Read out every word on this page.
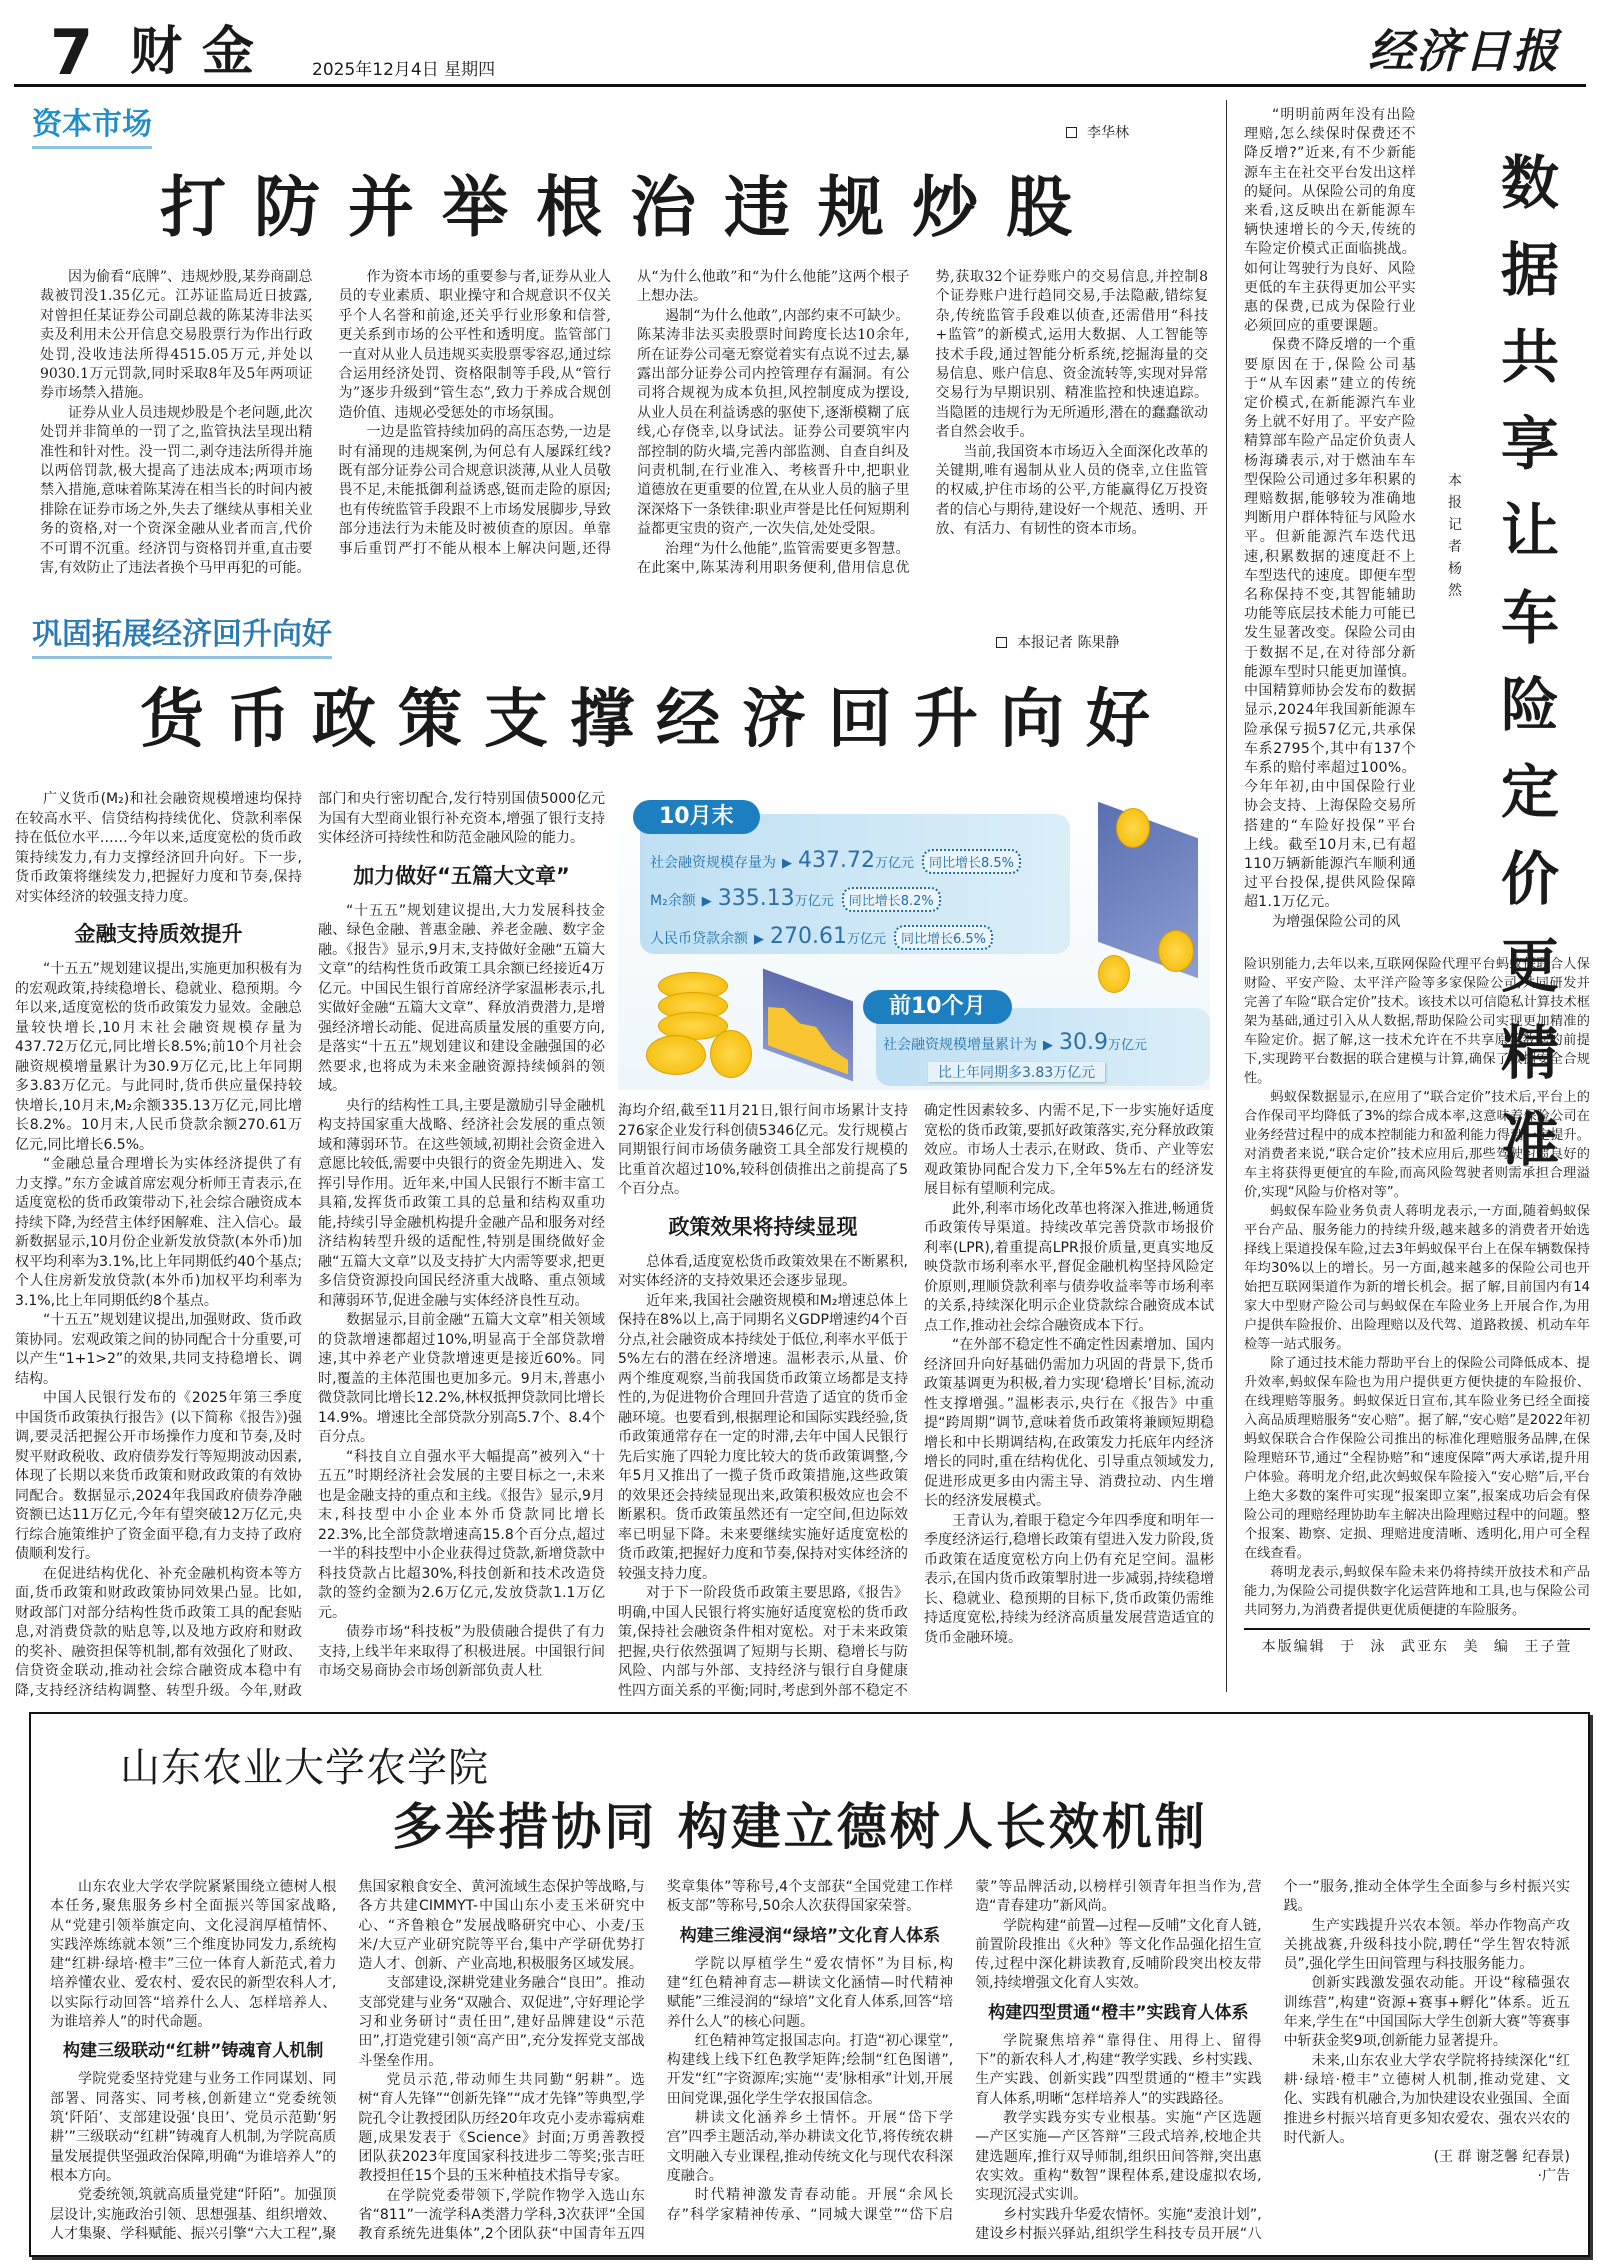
7 财金 2025年12月4日 星期四	经济日报
资本市场	李华林
打防并举根治违规炒股

因为偷看“底牌”、违规炒股,某券商副总裁被罚没1.35亿元。江苏证监局近日披露,对曾担任某证券公司副总裁的陈某涛非法买卖及利用未公开信息交易股票行为作出行政处罚,没收违法所得4515.05万元,并处以9030.1万元罚款,同时采取8年及5年两项证券市场禁入措施。

证券从业人员违规炒股是个老问题,此次处罚并非简单的一罚了之,监管执法呈现出精准性和针对性。没一罚二,剥夺违法所得并施以两倍罚款,极大提高了违法成本;两项市场禁入措施,意味着陈某涛在相当长的时间内被排除在证券市场之外,失去了继续从事相关业务的资格,对一个资深金融从业者而言,代价不可谓不沉重。经济罚与资格罚并重,直击要害,有效防止了违法者换个马甲再犯的可能。

作为资本市场的重要参与者,证券从业人员的专业素质、职业操守和合规意识不仅关乎个人名誉和前途,还关乎行业形象和信誉,更关系到市场的公平性和透明度。监管部门一直对从业人员违规买卖股票零容忍,通过综合运用经济处罚、资格限制等手段,从“管行为”逐步升级到“管生态”,致力于养成合规创造价值、违规必受惩处的市场氛围。

一边是监管持续加码的高压态势,一边是时有涌现的违规案例,为何总有人屡踩红线?既有部分证券公司合规意识淡薄,从业人员敬畏不足,未能抵御利益诱惑,铤而走险的原因;也有传统监管手段跟不上市场发展脚步,导致部分违法行为未能及时被侦查的原因。单靠事后重罚严打不能从根本上解决问题,还得从“为什么他敢”和“为什么他能”这两个根子上想办法。

遏制“为什么他敢”,内部约束不可缺少。陈某涛非法买卖股票时间跨度长达10余年,所在证券公司毫无察觉着实有点说不过去,暴露出部分证券公司内控管理存有漏洞。有公司将合规视为成本负担,风控制度成为摆设,从业人员在利益诱惑的驱使下,逐渐模糊了底线,心存侥幸,以身试法。证券公司要筑牢内部控制的防火墙,完善内部监测、自查自纠及问责机制,在行业准入、考核晋升中,把职业道德放在更重要的位置,在从业人员的脑子里深深烙下一条铁律:职业声誉是比任何短期利益都更宝贵的资产,一次失信,处处受限。

治理“为什么他能”,监管需要更多智慧。在此案中,陈某涛利用职务便利,借用信息优势,获取32个证券账户的交易信息,并控制8个证券账户进行趋同交易,手法隐蔽,错综复杂,传统监管手段难以侦查,还需借用“科技+监管”的新模式,运用大数据、人工智能等技术手段,通过智能分析系统,挖掘海量的交易信息、账户信息、资金流转等,实现对异常交易行为早期识别、精准监控和快速追踪。当隐匿的违规行为无所遁形,潜在的蠢蠢欲动者自然会收手。

当前,我国资本市场迈入全面深化改革的关键期,唯有遏制从业人员的侥幸,立住监管的权威,护住市场的公平,方能赢得亿万投资者的信心与期待,建设好一个规范、透明、开放、有活力、有韧性的资本市场。

“明明前两年没有出险理赔,怎么续保时保费还不降反增?”近来,有不少新能源车主在社交平台发出这样的疑问。从保险公司的角度来看,这反映出在新能源车辆快速增长的今天,传统的车险定价模式正面临挑战。如何让驾驶行为良好、风险更低的车主获得更加公平实惠的保费,已成为保险行业必须回应的重要课题。

保费不降反增的一个重要原因在于,保险公司基于“从车因素”建立的传统定价模式,在新能源汽车业务上就不好用了。平安产险精算部车险产品定价负责人杨海璘表示,对于燃油车车型保险公司通过多年积累的理赔数据,能够较为准确地判断用户群体特征与风险水平。但新能源汽车迭代迅速,积累数据的速度赶不上车型迭代的速度。即便车型名称保持不变,其智能辅助功能等底层技术能力可能已发生显著改变。保险公司由于数据不足,在对待部分新能源车型时只能更加谨慎。中国精算师协会发布的数据显示,2024年我国新能源车险承保亏损57亿元,共承保车系2795个,其中有137个车系的赔付率超过100%。今年年初,由中国保险行业协会支持、上海保险交易所搭建的“车险好投保”平台上线。截至10月末,已有超110万辆新能源汽车顺利通过平台投保,提供风险保障超1.1万亿元。

为增强保险公司的风

本报记者 杨 然
数据共享让车险定价更精准

险识别能力,去年以来,互联网保险代理平台蚂蚁保联合人保财险、平安产险、太平洋产险等多家保险公司,共同研发并完善了车险“联合定价”技术。该技术以可信隐私计算技术框架为基础,通过引入从人数据,帮助保险公司实现更加精准的车险定价。据了解,这一技术允许在不共享原始数据的前提下,实现跨平台数据的联合建模与计算,确保了数据安全合规性。

蚂蚁保数据显示,在应用了“联合定价”技术后,平台上的合作保司平均降低了3%的综合成本率,这意味着保险公司在业务经营过程中的成本控制能力和盈利能力得到一定提升。对消费者来说,“联合定价”技术应用后,那些驾驶习惯良好的车主将获得更便宜的车险,而高风险驾驶者则需承担合理溢价,实现“风险与价格对等”。

蚂蚁保车险业务负责人蒋明龙表示,一方面,随着蚂蚁保平台产品、服务能力的持续升级,越来越多的消费者开始选择线上渠道投保车险,过去3年蚂蚁保平台上在保车辆数保持年均30%以上的增长。另一方面,越来越多的保险公司也开始把互联网渠道作为新的增长机会。据了解,目前国内有14家大中型财产险公司与蚂蚁保在车险业务上开展合作,为用户提供车险报价、出险理赔以及代驾、道路救援、机动车年检等一站式服务。

除了通过技术能力帮助平台上的保险公司降低成本、提升效率,蚂蚁保车险也为用户提供更方便快捷的车险报价、在线理赔等服务。蚂蚁保近日宣布,其车险业务已经全面接入高品质理赔服务“安心赔”。据了解,“安心赔”是2022年初蚂蚁保联合合作保险公司推出的标准化理赔服务品牌,在保险理赔环节,通过“全程协赔”和“速度保障”两大承诺,提升用户体验。蒋明龙介绍,此次蚂蚁保车险接入“安心赔”后,平台上绝大多数的案件可实现“报案即立案”,报案成功后会有保险公司的理赔经理协助车主解决出险理赔过程中的问题。整个报案、勘察、定损、理赔进度清晰、透明化,用户可全程在线查看。

蒋明龙表示,蚂蚁保车险未来仍将持续开放技术和产品能力,为保险公司提供数字化运营阵地和工具,也与保险公司共同努力,为消费者提供更优质便捷的车险服务。

本版编辑 于 泳 武亚东 美 编 王子萱
巩固拓展经济回升向好	本报记者 陈果静
货币政策支撑经济回升向好

广义货币(M₂)和社会融资规模增速均保持在较高水平、信贷结构持续优化、贷款利率保持在低位水平……今年以来,适度宽松的货币政策持续发力,有力支撑经济回升向好。下一步,货币政策将继续发力,把握好力度和节奏,保持对实体经济的较强支持力度。

金融支持质效提升

“十五五”规划建议提出,实施更加积极有为的宏观政策,持续稳增长、稳就业、稳预期。今年以来,适度宽松的货币政策发力显效。金融总量较快增长,10月末社会融资规模存量为437.72万亿元,同比增长8.5%;前10个月社会融资规模增量累计为30.9万亿元,比上年同期多3.83万亿元。与此同时,货币供应量保持较快增长,10月末,M₂余额335.13万亿元,同比增长8.2%。10月末,人民币贷款余额270.61万亿元,同比增长6.5%。

“金融总量合理增长为实体经济提供了有力支撑。”东方金诚首席宏观分析师王青表示,在适度宽松的货币政策带动下,社会综合融资成本持续下降,为经营主体纾困解难、注入信心。最新数据显示,10月份企业新发放贷款(本外币)加权平均利率为3.1%,比上年同期低约40个基点;个人住房新发放贷款(本外币)加权平均利率为3.1%,比上年同期低约8个基点。

“十五五”规划建议提出,加强财政、货币政策协同。宏观政策之间的协同配合十分重要,可以产生“1+1>2”的效果,共同支持稳增长、调结构。

中国人民银行发布的《2025年第三季度中国货币政策执行报告》(以下简称《报告》)强调,要灵活把握公开市场操作力度和节奏,及时熨平财政税收、政府债券发行等短期波动因素,体现了长期以来货币政策和财政政策的有效协同配合。数据显示,2024年我国政府债券净融资额已达11万亿元,今年有望突破12万亿元,央行综合施策维护了资金面平稳,有力支持了政府债顺利发行。

在促进结构优化、补充金融机构资本等方面,货币政策和财政政策协同效果凸显。比如,财政部门对部分结构性货币政策工具的配套贴息,对消费贷款的贴息等,以及地方政府和财政的奖补、融资担保等机制,都有效强化了财政、信贷资金联动,推动社会综合融资成本稳中有降,支持经济结构调整、转型升级。今年,财政部门和央行密切配合,发行特别国债5000亿元为国有大型商业银行补充资本,增强了银行支持实体经济可持续性和防范金融风险的能力。

加力做好“五篇大文章”

“十五五”规划建议提出,大力发展科技金融、绿色金融、普惠金融、养老金融、数字金融。《报告》显示,9月末,支持做好金融“五篇大文章”的结构性货币政策工具余额已经接近4万亿元。中国民生银行首席经济学家温彬表示,扎实做好金融“五篇大文章”、释放消费潜力,是增强经济增长动能、促进高质量发展的重要方向,是落实“十五五”规划建议和建设金融强国的必然要求,也将成为未来金融资源持续倾斜的领域。

央行的结构性工具,主要是激励引导金融机构支持国家重大战略、经济社会发展的重点领域和薄弱环节。在这些领域,初期社会资金进入意愿比较低,需要中央银行的资金先期进入、发挥引导作用。近年来,中国人民银行不断丰富工具箱,发挥货币政策工具的总量和结构双重功能,持续引导金融机构提升金融产品和服务对经济结构转型升级的适配性,特别是围绕做好金融“五篇大文章”以及支持扩大内需等要求,把更多信贷资源投向国民经济重大战略、重点领域和薄弱环节,促进金融与实体经济良性互动。

数据显示,目前金融“五篇大文章”相关领域的贷款增速都超过10%,明显高于全部贷款增速,其中养老产业贷款增速更是接近60%。同时,覆盖的主体范围也更加多元。9月末,普惠小微贷款同比增长12.2%,林权抵押贷款同比增长14.9%。增速比全部贷款分别高5.7个、8.4个百分点。

“科技自立自强水平大幅提高”被列入“十五五”时期经济社会发展的主要目标之一,未来也是金融支持的重点和主线。《报告》显示,9月末,科技型中小企业本外币贷款同比增长22.3%,比全部贷款增速高15.8个百分点,超过一半的科技型中小企业获得过贷款,新增贷款中科技贷款占比超30%,科技创新和技术改造贷款的签约金额为2.6万亿元,发放贷款1.1万亿元。

债券市场“科技板”为股债融合提供了有力支持,上线半年来取得了积极进展。中国银行间市场交易商协会市场创新部负责人杜

10月末
社会融资规模存量为 ▶ 437.72万亿元 同比增长8.5%
M₂余额 ▶ 335.13万亿元 同比增长8.2%
人民币贷款余额 ▶ 270.61万亿元 同比增长6.5%
前10个月
社会融资规模增量累计为 ▶ 30.9万亿元
比上年同期多3.83万亿元

海均介绍,截至11月21日,银行间市场累计支持276家企业发行科创债5346亿元。发行规模占同期银行间市场债务融资工具全部发行规模的比重首次超过10%,较科创债推出之前提高了5个百分点。

政策效果将持续显现

总体看,适度宽松货币政策效果在不断累积,对实体经济的支持效果还会逐步显现。

近年来,我国社会融资规模和M₂增速总体上保持在8%以上,高于同期名义GDP增速约4个百分点,社会融资成本持续处于低位,利率水平低于5%左右的潜在经济增速。温彬表示,从量、价两个维度观察,当前我国货币政策立场都是支持性的,为促进物价合理回升营造了适宜的货币金融环境。也要看到,根据理论和国际实践经验,货币政策通常存在一定的时滞,去年中国人民银行先后实施了四轮力度比较大的货币政策调整,今年5月又推出了一揽子货币政策措施,这些政策的效果还会持续显现出来,政策积极效应也会不断累积。货币政策虽然还有一定空间,但边际效率已明显下降。未来要继续实施好适度宽松的货币政策,把握好力度和节奏,保持对实体经济的较强支持力度。

对于下一阶段货币政策主要思路,《报告》明确,中国人民银行将实施好适度宽松的货币政策,保持社会融资条件相对宽松。对于未来政策把握,央行依然强调了短期与长期、稳增长与防风险、内部与外部、支持经济与银行自身健康性四方面关系的平衡;同时,考虑到外部不稳定不确定性因素较多、内需不足,下一步实施好适度宽松的货币政策,要抓好政策落实,充分释放政策效应。市场人士表示,在财政、货币、产业等宏观政策协同配合发力下,全年5%左右的经济发展目标有望顺利完成。

此外,利率市场化改革也将深入推进,畅通货币政策传导渠道。持续改革完善贷款市场报价利率(LPR),着重提高LPR报价质量,更真实地反映贷款市场利率水平,督促金融机构坚持风险定价原则,理顺贷款利率与债券收益率等市场利率的关系,持续深化明示企业贷款综合融资成本试点工作,推动社会综合融资成本下行。

“在外部不稳定性不确定性因素增加、国内经济回升向好基础仍需加力巩固的背景下,货币政策基调更为积极,着力实现‘稳增长’目标,流动性支撑增强。”温彬表示,央行在《报告》中重提“跨周期”调节,意味着货币政策将兼顾短期稳增长和中长期调结构,在政策发力托底年内经济增长的同时,重在结构优化、引导重点领域发力,促进形成更多由内需主导、消费拉动、内生增长的经济发展模式。

王青认为,着眼于稳定今年四季度和明年一季度经济运行,稳增长政策有望进入发力阶段,货币政策在适度宽松方向上仍有充足空间。温彬表示,在国内货币政策掣肘进一步减弱,持续稳增长、稳就业、稳预期的目标下,货币政策仍需维持适度宽松,持续为经济高质量发展营造适宜的货币金融环境。

山东农业大学农学院
多举措协同 构建立德树人长效机制

山东农业大学农学院紧紧围绕立德树人根本任务,聚焦服务乡村全面振兴等国家战略,从“党建引领举旗定向、文化浸润厚植情怀、实践淬炼练就本领”三个维度协同发力,系统构建“红耕·绿培·橙丰”三位一体育人新范式,着力培养懂农业、爱农村、爱农民的新型农科人才,以实际行动回答“培养什么人、怎样培养人、为谁培养人”的时代命题。

构建三级联动“红耕”铸魂育人机制

学院党委坚持党建与业务工作同谋划、同部署、同落实、同考核,创新建立“党委统领筑‘阡陌’、支部建设强‘良田’、党员示范勤‘躬耕’”三级联动“红耕”铸魂育人机制,为学院高质量发展提供坚强政治保障,明确“为谁培养人”的根本方向。

党委统领,筑就高质量党建“阡陌”。加强顶层设计,实施政治引领、思想强基、组织增效、人才集聚、学科赋能、振兴引擎“六大工程”,聚焦国家粮食安全、黄河流域生态保护等战略,与各方共建CIMMYT-中国山东小麦玉米研究中心、“齐鲁粮仓”发展战略研究中心、小麦/玉米/大豆产业研究院等平台,集中产学研优势打造人才、创新、产业高地,积极服务区域发展。

支部建设,深耕党建业务融合“良田”。推动支部党建与业务“双融合、双促进”,守好理论学习和业务研讨“责任田”,建好品牌建设“示范田”,打造党建引领“高产田”,充分发挥党支部战斗堡垒作用。

党员示范,带动师生共同勤“躬耕”。选树“育人先锋”“创新先锋”“成才先锋”等典型,学院孔令让教授团队历经20年攻克小麦赤霉病难题,成果发表于《Science》封面;万勇善教授团队获2023年度国家科技进步二等奖;张吉旺教授担任15个县的玉米种植技术指导专家。

在学院党委带领下,学院作物学入选山东省“811”一流学科A类潜力学科,3次获评“全国教育系统先进集体”,2个团队获“中国青年五四奖章集体”等称号,4个支部获“全国党建工作样板支部”等称号,50余人次获得国家荣誉。

构建三维浸润“绿培”文化育人体系

学院以厚植学生“爱农情怀”为目标,构建“红色精神育志—耕读文化涵情—时代精神赋能”三维浸润的“绿培”文化育人体系,回答“培养什么人”的核心问题。

红色精神笃定报国志向。打造“初心课堂”,构建线上线下红色教学矩阵;绘制“红色图谱”,开发“红”字资源库;实施“‘麦’脉相承”计划,开展田间党课,强化学生学农报国信念。

耕读文化涵养乡土情怀。开展“岱下学宫”四季主题活动,举办耕读文化节,将传统农耕文明融入专业课程,推动传统文化与现代农科深度融合。

时代精神激发青春动能。开展“余风长存”科学家精神传承、“同城大课堂”“岱下启蒙”等品牌活动,以榜样引领青年担当作为,营造“青春建功”新风尚。

学院构建“前置—过程—反哺”文化育人链,前置阶段推出《火种》等文化作品强化招生宣传,过程中深化耕读教育,反哺阶段突出校友带领,持续增强文化育人实效。

构建四型贯通“橙丰”实践育人体系

学院聚焦培养“靠得住、用得上、留得下”的新农科人才,构建“教学实践、乡村实践、生产实践、创新实践”四型贯通的“橙丰”实践育人体系,明晰“怎样培养人”的实践路径。

教学实践夯实专业根基。实施“产区选题—产区实施—产区答辩”三段式培养,校地企共建选题库,推行双导师制,组织田间答辩,突出惠农实效。重构“数智”课程体系,建设虚拟农场,实现沉浸式实训。

乡村实践升华爱农情怀。实施“麦浪计划”,建设乡村振兴驿站,组织学生科技专员开展“八个一”服务,推动全体学生全面参与乡村振兴实践。

生产实践提升兴农本领。举办作物高产攻关挑战赛,升级科技小院,聘任“学生智农特派员”,强化学生田间管理与科技服务能力。

创新实践激发强农动能。开设“稼穑强农训练营”,构建“资源+赛事+孵化”体系。近五年来,学生在“中国国际大学生创新大赛”等赛事中斩获金奖9项,创新能力显著提升。

未来,山东农业大学农学院将持续深化“红耕·绿培·橙丰”立德树人机制,推动党建、文化、实践有机融合,为加快建设农业强国、全面推进乡村振兴培育更多知农爱农、强农兴农的时代新人。

(王 群 谢芝馨 纪春景)

·广告
